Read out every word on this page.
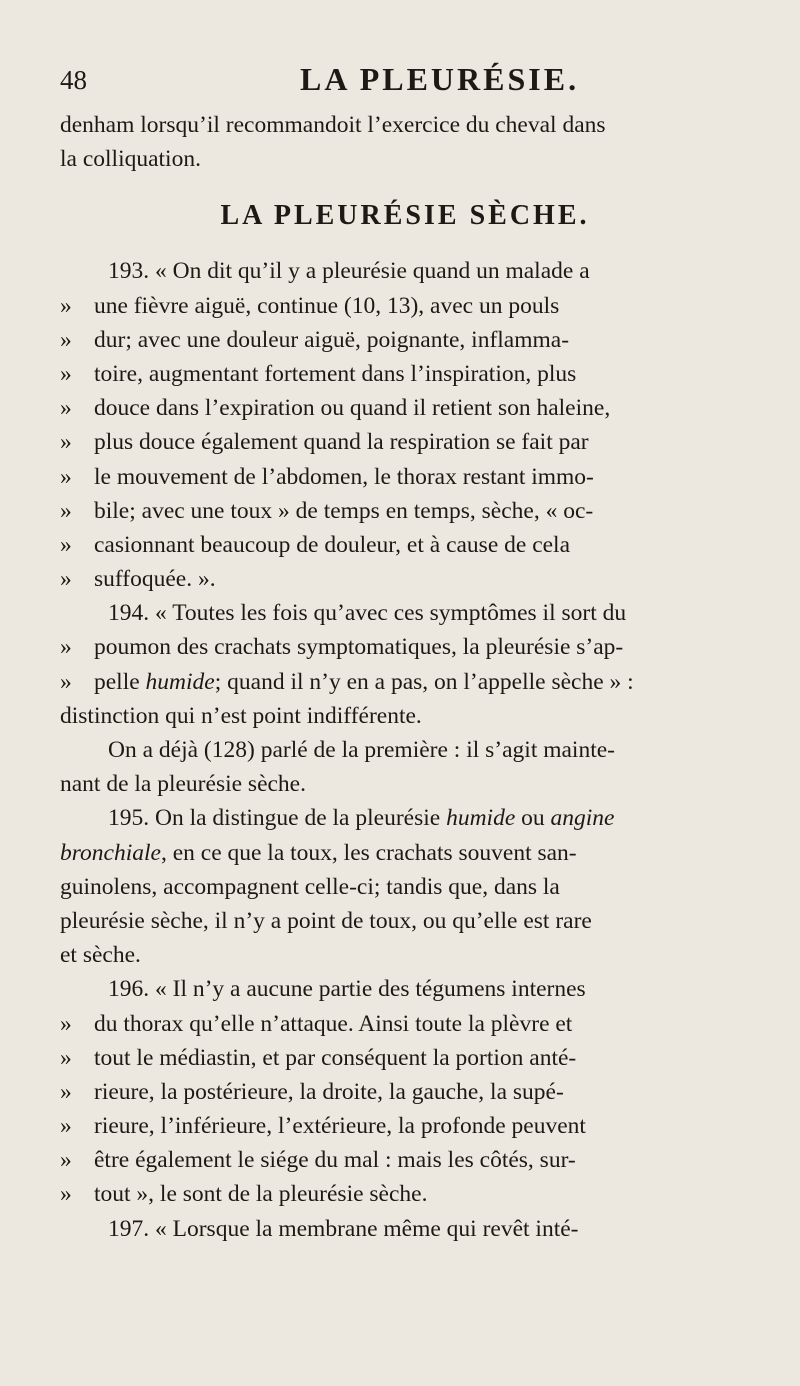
48	LA PLEURÉSIE.
denham lorsqu’il recommandoit l’exercice du cheval dans
la colliquation.
LA PLEURÉSIE SÈCHE.
193. « On dit qu’il y a pleurésie quand un malade a
» une fièvre aiguë, continue (10, 13), avec un pouls
» dur; avec une douleur aiguë, poignante, inflamma-
» toire, augmentant fortement dans l’inspiration, plus
» douce dans l’expiration ou quand il retient son haleine,
» plus douce également quand la respiration se fait par
» le mouvement de l’abdomen, le thorax restant immo-
» bile; avec une toux » de temps en temps, sèche, « oc-
» casionnant beaucoup de douleur, et à cause de cela
» suffoquée. ».
194. « Toutes les fois qu’avec ces symptômes il sort du
» poumon des crachats symptomatiques, la pleurésie s’ap-
» pelle humide; quand il n’y en a pas, on l’appelle sèche » :
distinction qui n’est point indifférente.
On a déjà (128) parlé de la première : il s’agit mainte-
nant de la pleurésie sèche.
195. On la distingue de la pleurésie humide ou angine
bronchiale, en ce que la toux, les crachats souvent san-
guinolens, accompagnent celle-ci; tandis que, dans la
pleurésie sèche, il n’y a point de toux, ou qu’elle est rare
et sèche.
196. « Il n’y a aucune partie des tégumens internes
» du thorax qu’elle n’attaque. Ainsi toute la plèvre et
» tout le médiastin, et par conséquent la portion anté-
» rieure, la postérieure, la droite, la gauche, la supé-
» rieure, l’inférieure, l’extérieure, la profonde peuvent
» être également le siége du mal : mais les côtés, sur-
» tout », le sont de la pleurésie sèche.
197. « Lorsque la membrane même qui revêt inté-
